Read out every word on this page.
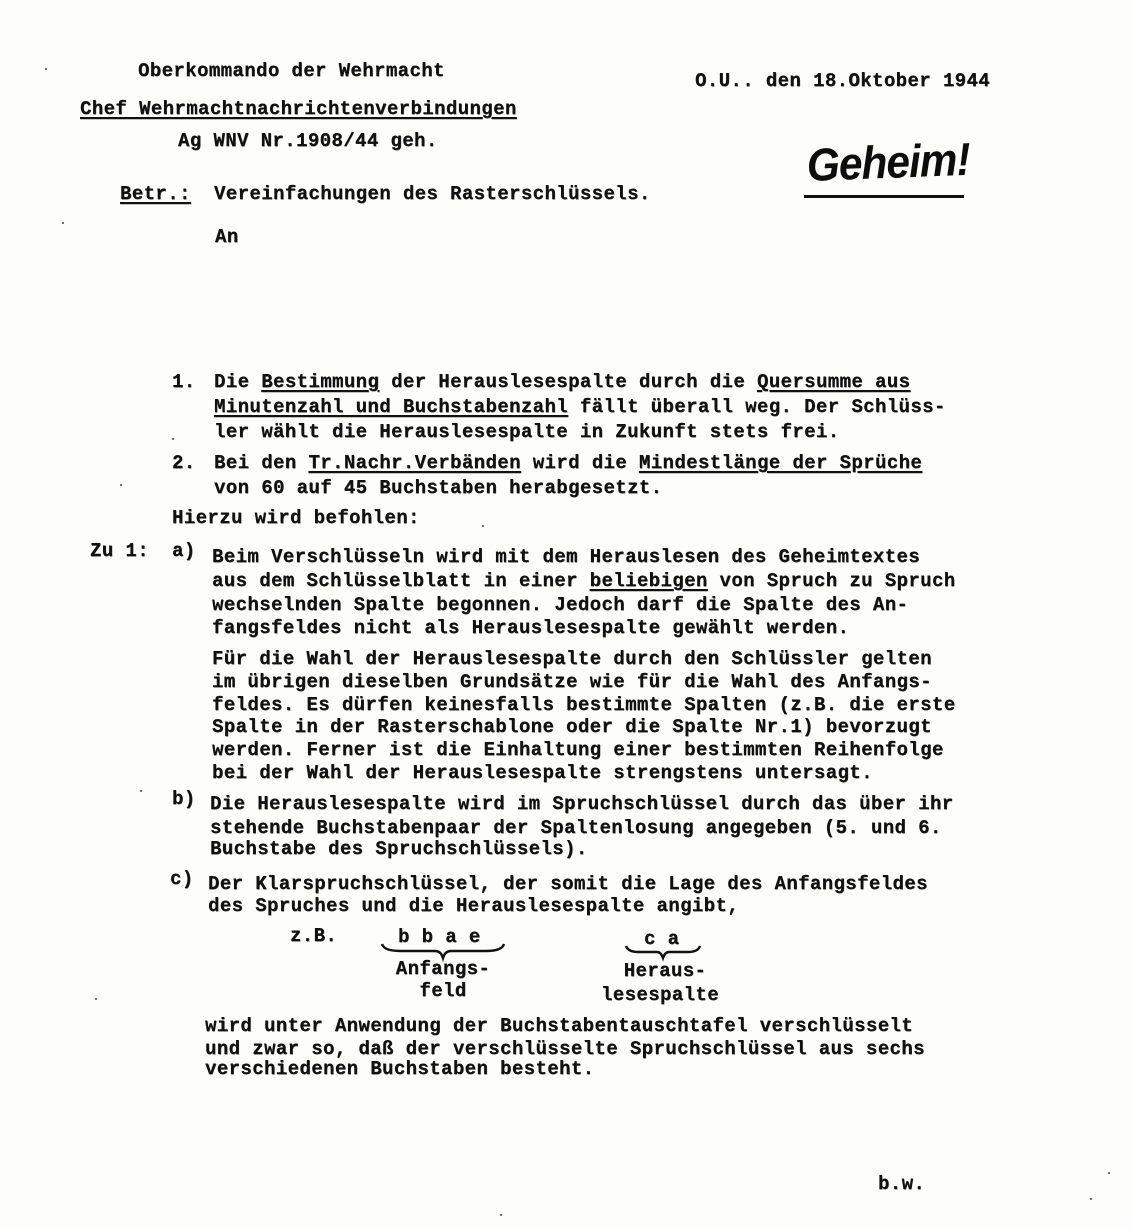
Oberkommando der Wehrmacht
Chef Wehrmachtnachrichtenverbindungen
Ag WNV Nr.1908/44 geh.
O.U.. den 18.Oktober 1944
Geheim!
Betr.: Vereinfachungen des Rasterschlüssels.
An
1. Die Bestimmung der Herauslesespalte durch die Quersumme aus
Minutenzahl und Buchstabenzahl fällt überall weg. Der Schlüss-
ler wählt die Herauslesespalte in Zukunft stets frei.
2. Bei den Tr.Nachr.Verbänden wird die Mindestlänge der Sprüche
von 60 auf 45 Buchstaben herabgesetzt.
Hierzu wird befohlen:
Zu 1: a) Beim Verschlüsseln wird mit dem Herauslesen des Geheimtextes
aus dem Schlüsselblatt in einer beliebigen von Spruch zu Spruch
wechselnden Spalte begonnen. Jedoch darf die Spalte des An-
fangsfeldes nicht als Herauslesespalte gewählt werden.
Für die Wahl der Herauslesespalte durch den Schlüssler gelten
im übrigen dieselben Grundsätze wie für die Wahl des Anfangs-
feldes. Es dürfen keinesfalls bestimmte Spalten (z.B. die erste
Spalte in der Rasterschablone oder die Spalte Nr.1) bevorzugt
werden. Ferner ist die Einhaltung einer bestimmten Reihenfolge
bei der Wahl der Herauslesespalte strengstens untersagt.
b) Die Herauslesespalte wird im Spruchschlüssel durch das über ihr
stehende Buchstabenpaar der Spaltenlosung angegeben (5. und 6.
Buchstabe des Spruchschlüssels).
c) Der Klarspruchschlüssel, der somit die Lage des Anfangsfeldes
des Spruches und die Herauslesespalte angibt,
z.B.	b b a e
Anfangs-
feld
c a
Heraus-
lesespalte
wird unter Anwendung der Buchstabentauschtafel verschlüsselt
und zwar so, daß der verschlüsselte Spruchschlüssel aus sechs
verschiedenen Buchstaben besteht.
b.w.
